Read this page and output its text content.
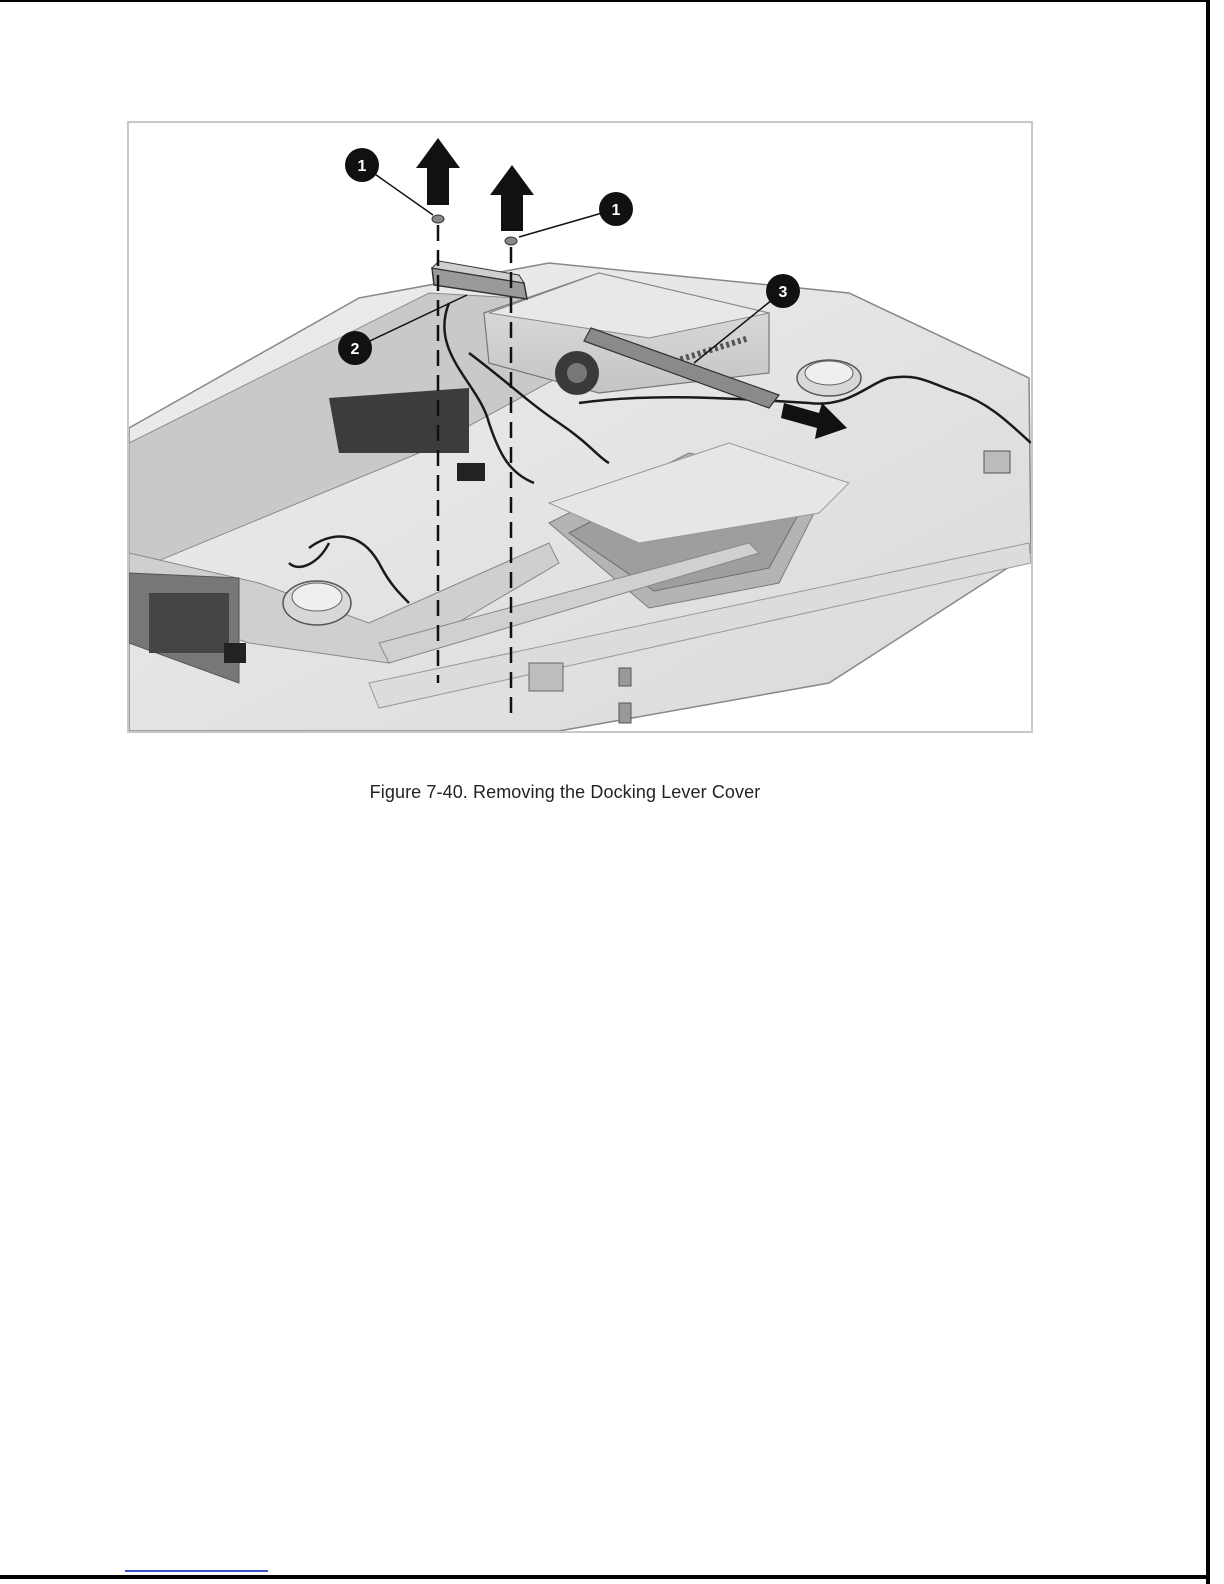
1
1
2
3
Figure 7-40. Removing the Docking Lever Cover
